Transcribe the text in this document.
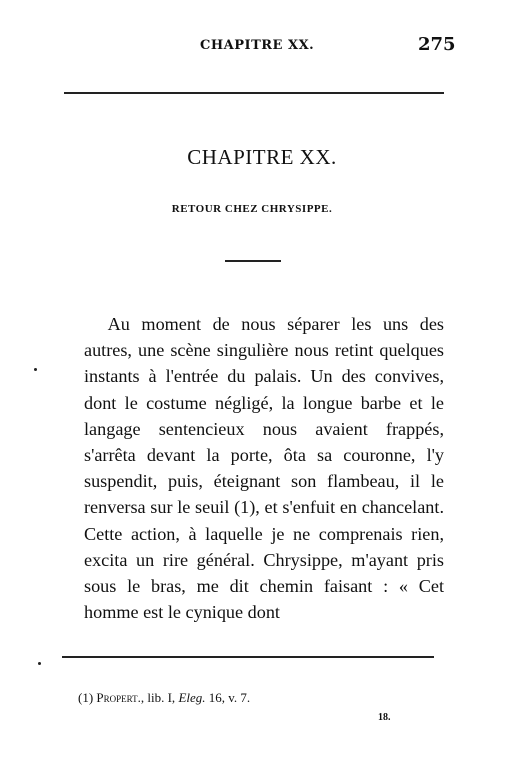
CHAPITRE XX.	275
CHAPITRE XX.
RETOUR CHEZ CHRYSIPPE.

Au moment de nous séparer les uns des autres, une scène singulière nous retint quelques instants à l'entrée du palais. Un des convives, dont le costume négligé, la longue barbe et le langage sentencieux nous avaient frappés, s'arrêta devant la porte, ôta sa couronne, l'y suspendit, puis, éteignant son flambeau, il le renversa sur le seuil (1), et s'enfuit en chancelant. Cette action, à laquelle je ne comprenais rien, excita un rire général. Chrysippe, m'ayant pris sous le bras, me dit chemin faisant : « Cet homme est le cynique dont

(1) Propert., lib. I, Eleg. 16, v. 7.
18.
